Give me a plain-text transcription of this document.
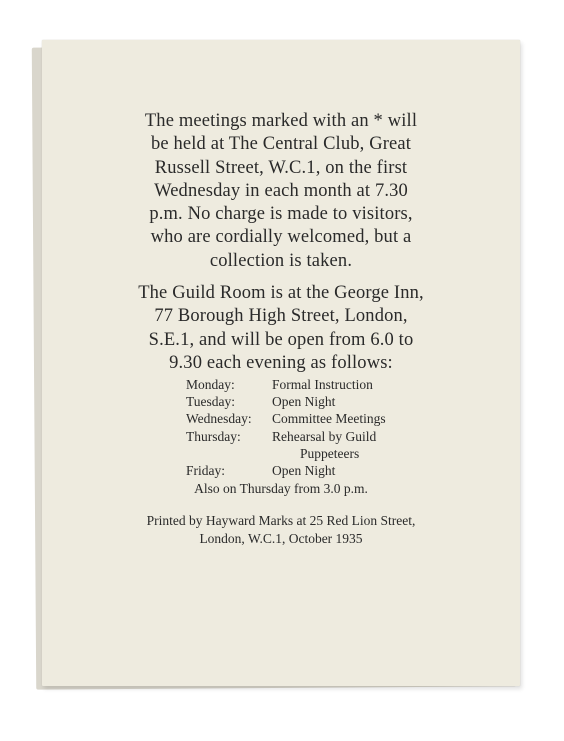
The meetings marked with an * will
be held at The Central Club, Great
Russell Street, W.C.1, on the first
Wednesday in each month at 7.30
p.m. No charge is made to visitors,
who are cordially welcomed, but a
collection is taken.
The Guild Room is at the George Inn,
77 Borough High Street, London,
S.E.1, and will be open from 6.0 to
9.30 each evening as follows:
Monday:	Formal Instruction
Tuesday:	Open Night
Wednesday:	Committee Meetings
Thursday:	Rehearsal by Guild
Puppeteers
Friday:	Open Night
Also on Thursday from 3.0 p.m.
Printed by Hayward Marks at 25 Red Lion Street,
London, W.C.1, October 1935
